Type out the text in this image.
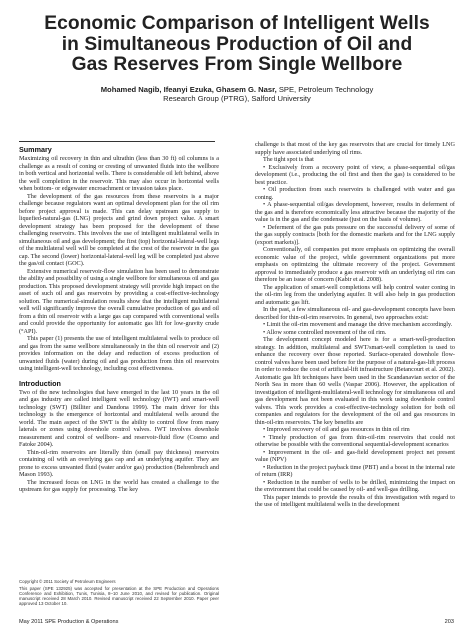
Economic Comparison of Intelligent Wells
in Simultaneous Production of Oil and
Gas Reserves From Single Wellbore
Mohamed Nagib, Ifeanyi Ezuka, Ghasem G. Nasr, SPE, Petroleum Technology
Research Group (PTRG), Salford University
Summary
Maximizing oil recovery in thin and ultrathin (less than 30 ft) oil columns is a challenge as a result of coning or cresting of unwanted fluids into the wellbore in both vertical and horizontal wells. There is considerable oil left behind, above the well completion in the reservoir. This may also occur in horizontal wells when bottom- or edgewater encroachment or invasion takes place.
The development of the gas resources from these reservoirs is a major challenge because regulators want an optimal development plan for the oil rim before project approval is made. This can delay upstream gas supply to liquefied-natural-gas (LNG) projects and grind down project value. A smart development strategy has been proposed for the development of these challenging reservoirs. This involves the use of intelligent multilateral wells in simultaneous oil and gas development; the first (top) horizontal-lateral-well legs of the multilateral well will be completed at the crest of the reservoir in the gas cap. The second (lower) horizontal-lateral-well leg will be completed just above the gas/oil contact (GOC).
Extensive numerical reservoir-flow simulation has been used to demonstrate the ability and possibility of using a single wellbore for simultaneous oil and gas production. This proposed development strategy will provide high impact on the asset of such oil and gas reservoirs by providing a cost-effective-technology solution. The numerical-simulation results show that the intelligent multilateral well will significantly improve the overall cumulative production of gas and oil from a thin oil reservoir with a large gas cap compared with conventional wells and could provide the opportunity for automatic gas lift for low-gravity crude (°API).
This paper (1) presents the use of intelligent multilateral wells to produce oil and gas from the same wellbore simultaneously in the thin oil reservoir and (2) provides information on the delay and reduction of excess production of unwanted fluids (water) during oil and gas production from thin oil reservoirs using intelligent-well technology, including cost effectiveness.
Introduction
Two of the new technologies that have emerged in the last 10 years in the oil and gas industry are called intelligent well technology (IWT) and smart-well technology (SWT) (Billiter and Dandona 1999). The main driver for this technology is the emergence of horizontal and multilateral wells around the world. The main aspect of the SWT is the ability to control flow from many laterals or zones using downhole control valves. IWT involves downhole measurement and control of wellbore- and reservoir-fluid flow (Cosmo and Fatoke 2004).
Thin-oil-rim reservoirs are literally thin (small pay thickness) reservoirs containing oil with an overlying gas cap and an underlying aquifer. They are prone to excess unwanted fluid (water and/or gas) production (Behrenbruch and Mason 1993).
The increased focus on LNG in the world has created a challenge to the upstream for gas supply for processing. The key
challenge is that most of the key gas reservoirs that are crucial for timely LNG supply have associated underlying oil rims.
The tight spot is that
• Exclusively from a recovery point of view, a phase-sequential oil/gas development (i.e., producing the oil first and then the gas) is considered to be best practice.
• Oil production from such reservoirs is challenged with water and gas coning.
• A phase-sequential oil/gas development, however, results in deferment of the gas and is therefore economically less attractive because the majority of the value is in the gas and the condensate (just on the basis of volume).
• Deferment of the gas puts pressure on the successful delivery of some of the gas supply contracts [both for the domestic markets and for the LNG supply (export markets)].
Conventionally, oil companies put more emphasis on optimizing the overall economic value of the project, while government organizations put more emphasis on optimizing the ultimate recovery of the project. Government approval to immediately produce a gas reservoir with an underlying oil rim can therefore be an issue of concern (Kabir et al. 2008).
The application of smart-well completions will help control water coning in the oil-rim leg from the underlying aquifer. It will also help in gas production and automatic gas lift.
In the past, a few simultaneous oil- and gas-development concepts have been described for thin-oil-rim reservoirs. In general, two approaches exist:
• Limit the oil-rim movement and manage the drive mechanism accordingly.
• Allow some controlled movement of the oil rim.
The development concept modeled here is for a smart-well-production strategy. In addition, multilateral and SWT/smart-well completion is used to enhance the recovery over those reported. Surface-operated downhole flow-control valves have been used before for the purpose of a natural-gas-lift process in order to reduce the cost of artificial-lift infrastructure (Betancourt et al. 2002). Automatic gas lift techniques have been used in the Scandanavian sector of the North Sea in more than 60 wells (Vaspar 2006). However, the application of investigation of intelligent-multilateral-well technology for simultaneous oil and gas development has not been evaluated in this work using downhole control valves. This work provides a cost-effective-technology solution for both oil companies and regulators for the development of the oil and gas resources in thin-oil-rim reservoirs. The key benefits are
• Improved recovery of oil and gas resources in thin oil rim
• Timely production of gas from thin-oil-rim reservoirs that could not otherwise be possible with the conventional sequential-development scenarios
• Improvement in the oil- and gas-field development project net present value (NPV)
• Reduction in the project payback time (PBT) and a boost in the internal rate of return (IRR)
• Reduction in the number of wells to be drilled, minimizing the impact on the environment that could be caused by oil- and well-gas drilling.
This paper intends to provide the results of this investigation with regard to the use of intelligent multilateral wells in the development
Copyright © 2011 Society of Petroleum Engineers
This paper (SPE 132925) was accepted for presentation at the SPE Production and Operations Conference and Exhibition, Tunis, Tunisia, 8–10 June 2010, and revised for publication. Original manuscript received 28 March 2010. Revised manuscript received 22 September 2010. Paper peer approved 13 October 10.
May 2011 SPE Production & Operations	203
